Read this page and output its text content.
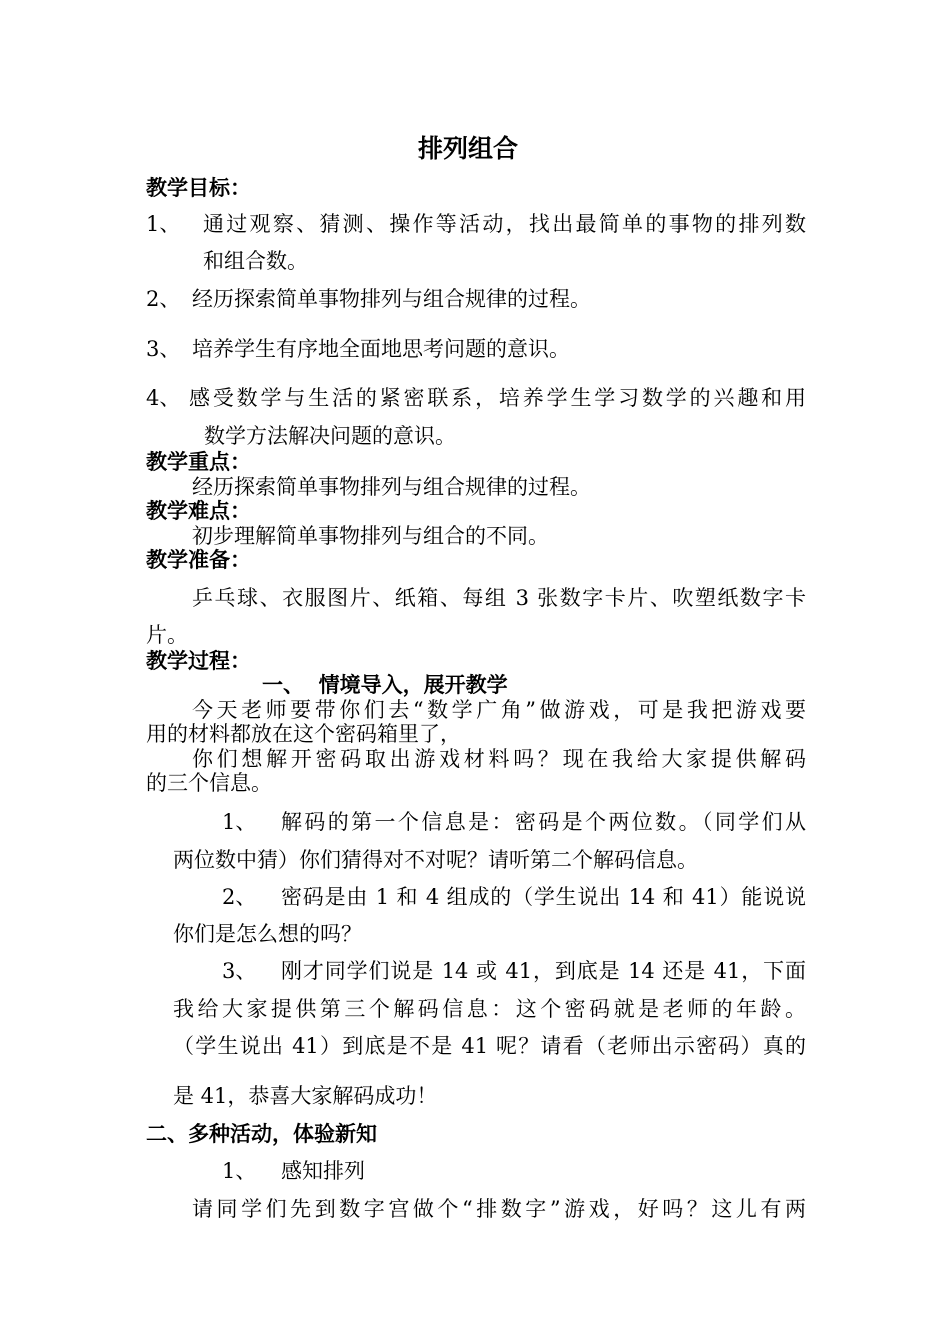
排列组合
教学目标：
1、 通过观察、猜测、操作等活动，找出最简单的事物的排列数
和组合数。
2、 经历探索简单事物排列与组合规律的过程。
3、 培养学生有序地全面地思考问题的意识。
4、 感受数学与生活的紧密联系，培养学生学习数学的兴趣和用
数学方法解决问题的意识。
教学重点：
经历探索简单事物排列与组合规律的过程。
教学难点：
初步理解简单事物排列与组合的不同。
教学准备：
乒乓球、衣服图片、纸箱、每组 3 张数字卡片、吹塑纸数字卡
片。
教学过程：
一、  情境导入，展开教学
今天老师要带你们去“数学广角”做游戏，可是我把游戏要
用的材料都放在这个密码箱里了，
你们想解开密码取出游戏材料吗？现在我给大家提供解码
的三个信息。
1、 解码的第一个信息是：密码是个两位数。（同学们从
两位数中猜）你们猜得对不对呢？请听第二个解码信息。
2、 密码是由 1 和 4 组成的（学生说出 14 和 41）能说说
你们是怎么想的吗？
3、 刚才同学们说是 14 或 41，到底是 14 还是 41，下面
我给大家提供第三个解码信息：这个密码就是老师的年龄。
（学生说出 41）到底是不是 41 呢？请看（老师出示密码）真的
是 41，恭喜大家解码成功！
二、多种活动，体验新知
1、 感知排列
请同学们先到数字宫做个“排数字”游戏，好吗？这儿有两
